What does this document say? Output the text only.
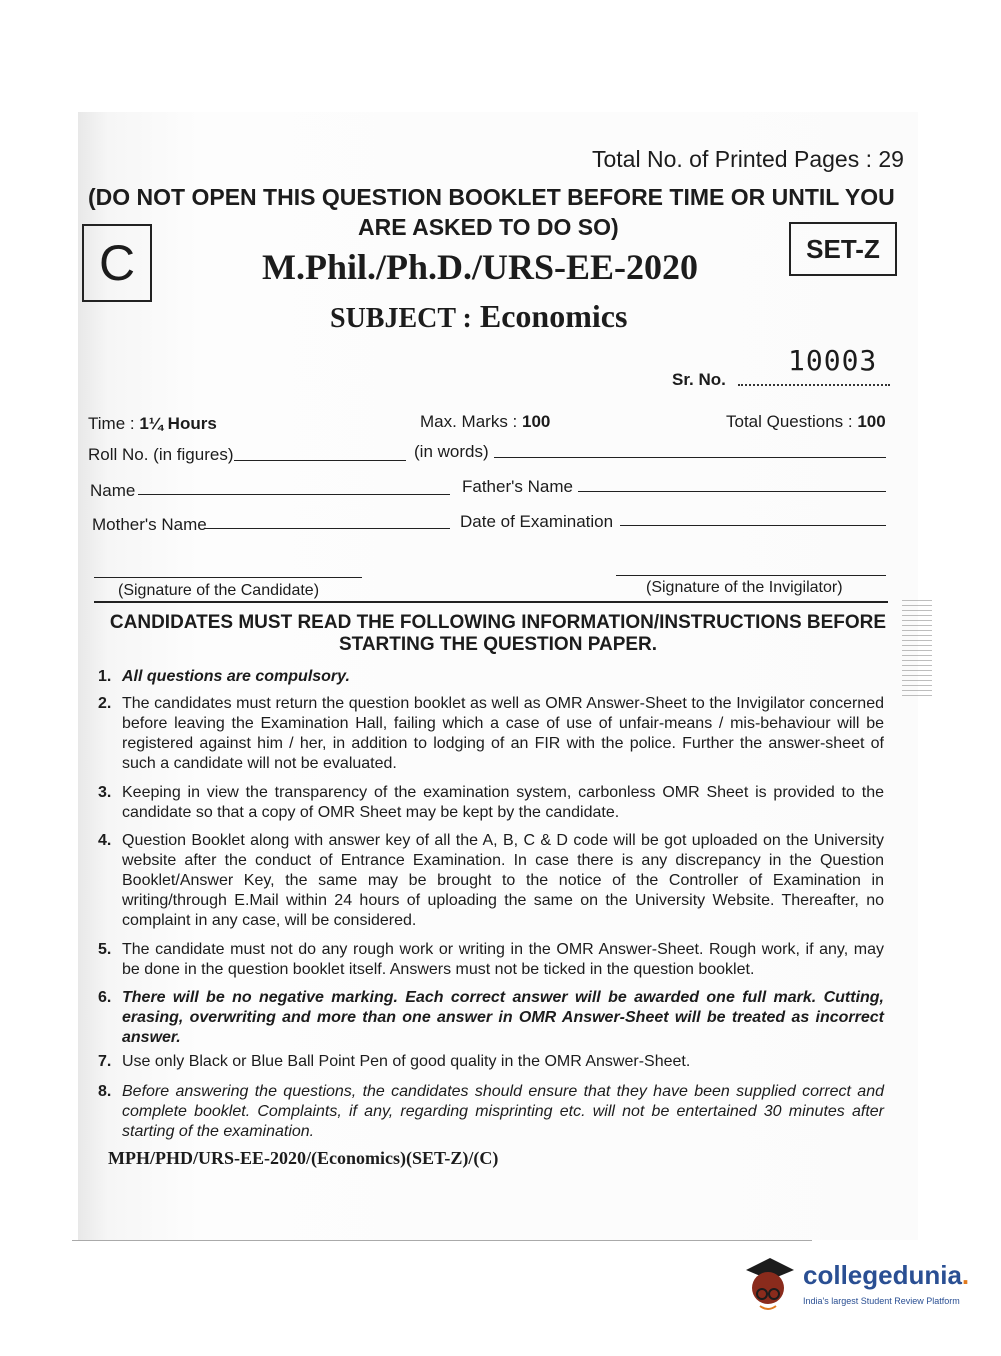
Total No. of Printed Pages : 29
(DO NOT OPEN THIS QUESTION BOOKLET BEFORE TIME OR UNTIL YOU
ARE ASKED TO DO SO)
C	SET-Z
M.Phil./Ph.D./URS-EE-2020
SUBJECT : Economics
10003
Sr. No.
Time : 1¼ Hours	Max. Marks : 100	Total Questions : 100
Roll No. (in figures)	(in words)
Name	Father's Name
Mother's Name	Date of Examination
(Signature of the Candidate)	(Signature of the Invigilator)
CANDIDATES MUST READ THE FOLLOWING INFORMATION/INSTRUCTIONS BEFORE
STARTING THE QUESTION PAPER.
1. All questions are compulsory.
2. The candidates must return the question booklet as well as OMR Answer-Sheet to the Invigilator concerned before leaving the Examination Hall, failing which a case of use of unfair-means / mis-behaviour will be registered against him / her, in addition to lodging of an FIR with the police. Further the answer-sheet of such a candidate will not be evaluated.
3. Keeping in view the transparency of the examination system, carbonless OMR Sheet is provided to the candidate so that a copy of OMR Sheet may be kept by the candidate.
4. Question Booklet along with answer key of all the A, B, C & D code will be got uploaded on the University website after the conduct of Entrance Examination. In case there is any discrepancy in the Question Booklet/Answer Key, the same may be brought to the notice of the Controller of Examination in writing/through E.Mail within 24 hours of uploading the same on the University Website. Thereafter, no complaint in any case, will be considered.
5. The candidate must not do any rough work or writing in the OMR Answer-Sheet. Rough work, if any, may be done in the question booklet itself. Answers must not be ticked in the question booklet.
6. There will be no negative marking. Each correct answer will be awarded one full mark. Cutting, erasing, overwriting and more than one answer in OMR Answer-Sheet will be treated as incorrect answer.
7. Use only Black or Blue Ball Point Pen of good quality in the OMR Answer-Sheet.
8. Before answering the questions, the candidates should ensure that they have been supplied correct and complete booklet. Complaints, if any, regarding misprinting etc. will not be entertained 30 minutes after starting of the examination.
MPH/PHD/URS-EE-2020/(Economics)(SET-Z)/(C)
collegedunia.
India's largest Student Review Platform
